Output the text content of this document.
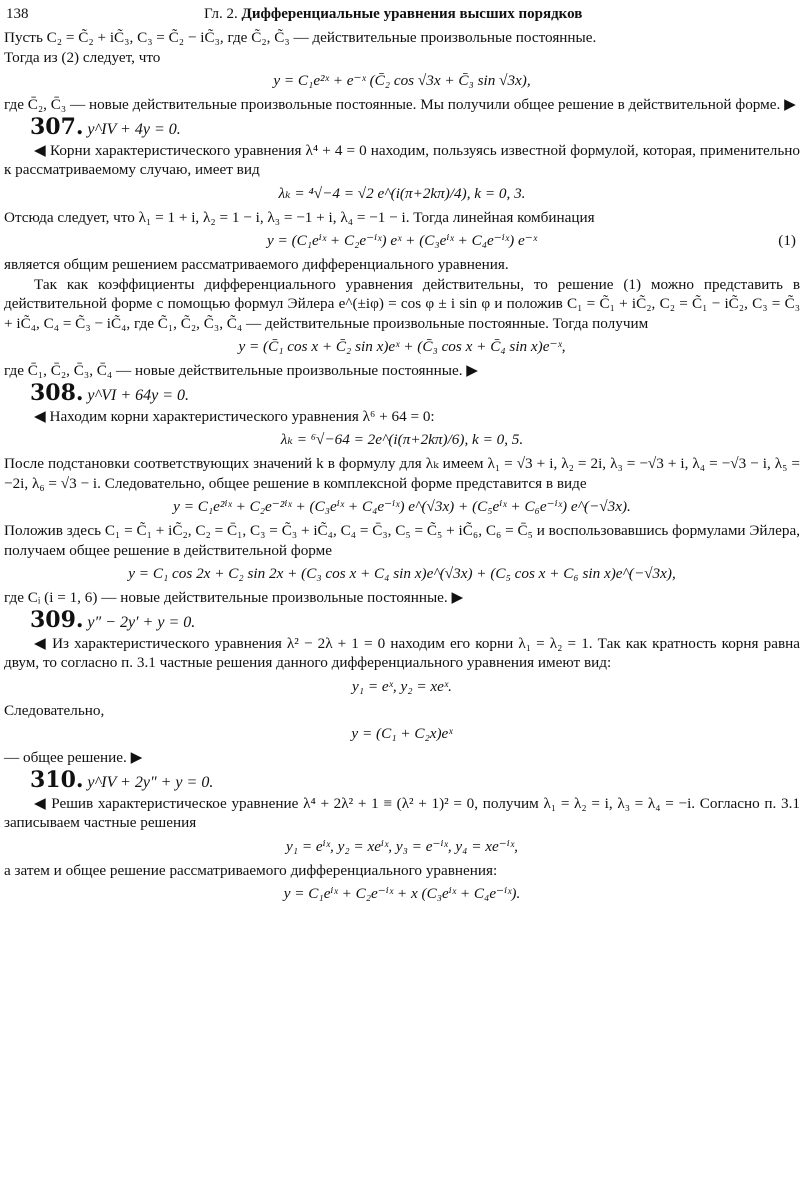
138	Гл. 2. Дифференциальные уравнения высших порядков

Пусть C₂ = C̃₂ + iC̃₃, C₃ = C̃₂ − iC̃₃, где C̃₂, C̃₃ — действительные произвольные постоянные.

Тогда из (2) следует, что

y = C₁e²ˣ + e⁻ˣ (C̄₂ cos √3x + C̄₃ sin √3x),

где C̄₂, C̄₃ — новые действительные произвольные постоянные. Мы получили общее решение в действительной форме. ▶

307. y^IV + 4y = 0.

◀ Корни характеристического уравнения λ⁴ + 4 = 0 находим, пользуясь известной формулой, которая, применительно к рассматриваемому случаю, имеет вид

λₖ = ⁴√−4 = √2 e^(i(π+2kπ)/4), k = 0, 3.

Отсюда следует, что λ₁ = 1 + i, λ₂ = 1 − i, λ₃ = −1 + i, λ₄ = −1 − i. Тогда линейная комбинация

y = (C₁eⁱˣ + C₂e⁻ⁱˣ) eˣ + (C₃eⁱˣ + C₄e⁻ⁱˣ) e⁻ˣ	(1)

является общим решением рассматриваемого дифференциального уравнения.

Так как коэффициенты дифференциального уравнения действительны, то решение (1) можно представить в действительной форме с помощью формул Эйлера e^(±iφ) = cos φ ± i sin φ и положив C₁ = C̃₁ + iC̃₂, C₂ = C̃₁ − iC̃₂, C₃ = C̃₃ + iC̃₄, C₄ = C̃₃ − iC̃₄, где C̃₁, C̃₂, C̃₃, C̃₄ — действительные произвольные постоянные. Тогда получим

y = (C̄₁ cos x + C̄₂ sin x)eˣ + (C̄₃ cos x + C̄₄ sin x)e⁻ˣ,

где C̄₁, C̄₂, C̄₃, C̄₄ — новые действительные произвольные постоянные. ▶

308. y^VI + 64y = 0.

◀ Находим корни характеристического уравнения λ⁶ + 64 = 0:

λₖ = ⁶√−64 = 2e^(i(π+2kπ)/6), k = 0, 5.

После подстановки соответствующих значений k в формулу для λₖ имеем λ₁ = √3 + i, λ₂ = 2i, λ₃ = −√3 + i, λ₄ = −√3 − i, λ₅ = −2i, λ₆ = √3 − i. Следовательно, общее решение в комплексной форме представится в виде

y = C₁e²ⁱˣ + C₂e⁻²ⁱˣ + (C₃eⁱˣ + C₄e⁻ⁱˣ) e^(√3x) + (C₅eⁱˣ + C₆e⁻ⁱˣ) e^(−√3x).

Положив здесь C₁ = C̃₁ + iC̃₂, C₂ = C̄₁, C₃ = C̃₃ + iC̃₄, C₄ = C̄₃, C₅ = C̃₅ + iC̃₆, C₆ = C̄₅ и воспользовавшись формулами Эйлера, получаем общее решение в действительной форме

y = C₁ cos 2x + C₂ sin 2x + (C₃ cos x + C₄ sin x)e^(√3x) + (C₅ cos x + C₆ sin x)e^(−√3x),

где Cᵢ (i = 1, 6) — новые действительные произвольные постоянные. ▶

309. y″ − 2y′ + y = 0.

◀ Из характеристического уравнения λ² − 2λ + 1 = 0 находим его корни λ₁ = λ₂ = 1. Так как кратность корня равна двум, то согласно п. 3.1 частные решения данного дифференциального уравнения имеют вид:

y₁ = eˣ, y₂ = xeˣ.

Следовательно,

y = (C₁ + C₂x)eˣ

— общее решение. ▶

310. y^IV + 2y″ + y = 0.

◀ Решив характеристическое уравнение λ⁴ + 2λ² + 1 ≡ (λ² + 1)² = 0, получим λ₁ = λ₂ = i, λ₃ = λ₄ = −i. Согласно п. 3.1 записываем частные решения

y₁ = eⁱˣ, y₂ = xeⁱˣ, y₃ = e⁻ⁱˣ, y₄ = xe⁻ⁱˣ,

а затем и общее решение рассматриваемого дифференциального уравнения:

y = C₁eⁱˣ + C₂e⁻ⁱˣ + x (C₃eⁱˣ + C₄e⁻ⁱˣ).
